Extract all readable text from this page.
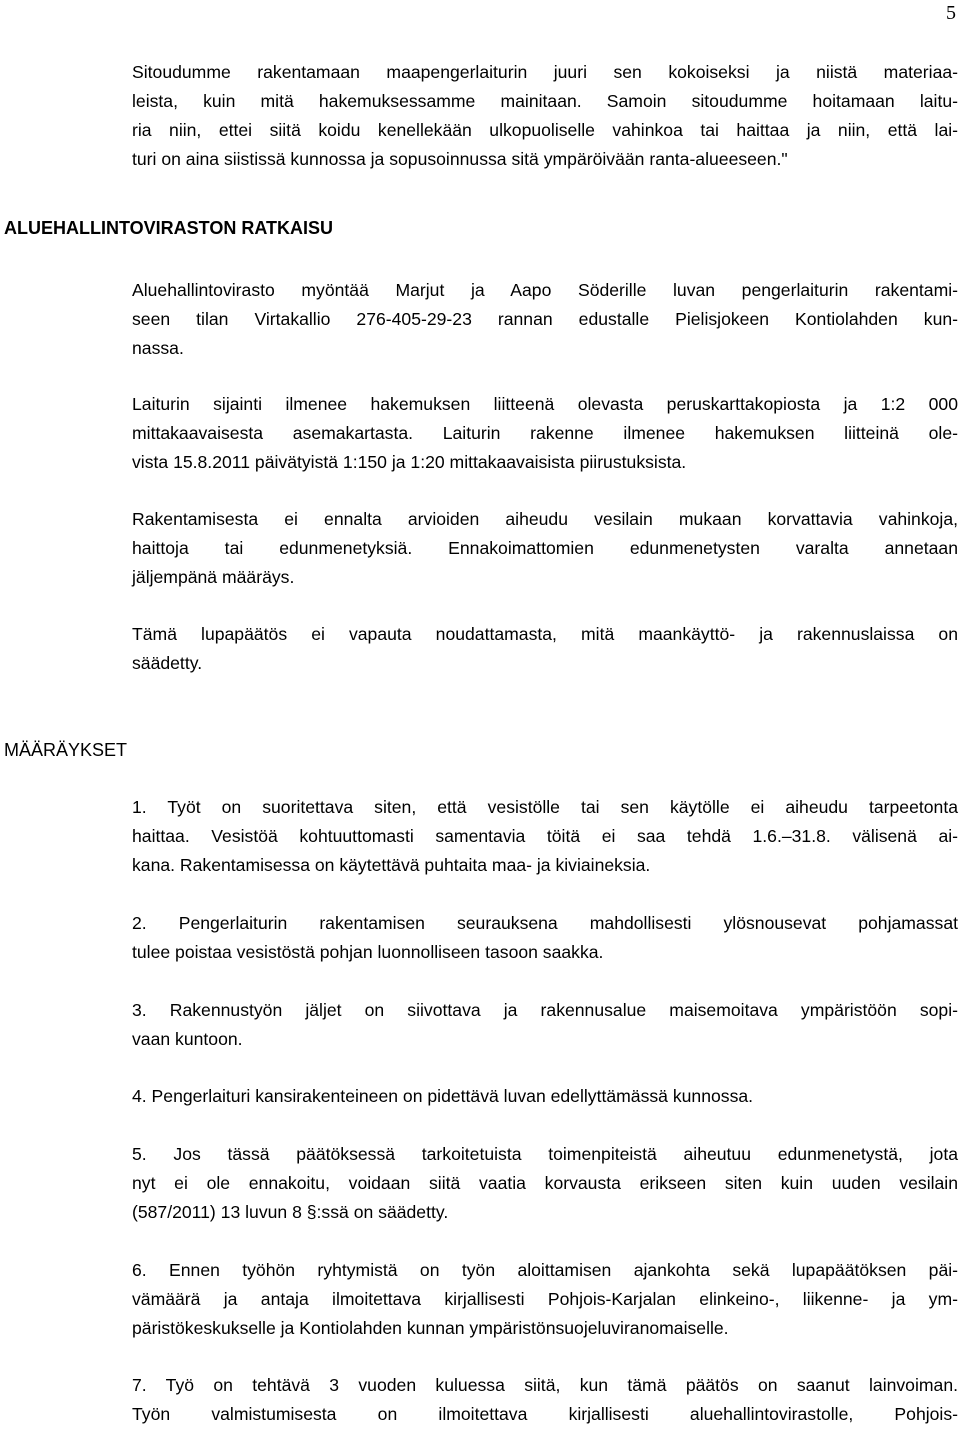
5
Sitoudumme rakentamaan maapengerlaiturin juuri sen kokoiseksi ja niistä materiaa-
leista, kuin mitä hakemuksessamme mainitaan. Samoin sitoudumme hoitamaan laitu-
ria niin, ettei siitä koidu kenellekään ulkopuoliselle vahinkoa tai haittaa ja niin, että lai-
turi on aina siistissä kunnossa ja sopusoinnussa sitä ympäröivään ranta-alueeseen."
ALUEHALLINTOVIRASTON RATKAISU
Aluehallintovirasto myöntää Marjut ja Aapo Söderille luvan pengerlaiturin rakentami-
seen tilan Virtakallio 276-405-29-23 rannan edustalle Pielisjokeen Kontiolahden kun-
nassa.
Laiturin sijainti ilmenee hakemuksen liitteenä olevasta peruskarttakopiosta ja 1:2 000
mittakaavaisesta asemakartasta. Laiturin rakenne ilmenee hakemuksen liitteinä ole-
vista 15.8.2011 päivätyistä 1:150 ja 1:20 mittakaavaisista piirustuksista.
Rakentamisesta ei ennalta arvioiden aiheudu vesilain mukaan korvattavia vahinkoja,
haittoja tai edunmenetyksiä. Ennakoimattomien edunmenetysten varalta annetaan
jäljempänä määräys.
Tämä lupapäätös ei vapauta noudattamasta, mitä maankäyttö- ja rakennuslaissa on
säädetty.
MÄÄRÄYKSET
1. Työt on suoritettava siten, että vesistölle tai sen käytölle ei aiheudu tarpeetonta
haittaa. Vesistöä kohtuuttomasti samentavia töitä ei saa tehdä 1.6.–31.8. välisenä ai-
kana. Rakentamisessa on käytettävä puhtaita maa- ja kiviaineksia.
2. Pengerlaiturin rakentamisen seurauksena mahdollisesti ylösnousevat pohjamassat
tulee poistaa vesistöstä pohjan luonnolliseen tasoon saakka.
3. Rakennustyön jäljet on siivottava ja rakennusalue maisemoitava ympäristöön sopi-
vaan kuntoon.
4. Pengerlaituri kansirakenteineen on pidettävä luvan edellyttämässä kunnossa.
5. Jos tässä päätöksessä tarkoitetuista toimenpiteistä aiheutuu edunmenetystä, jota
nyt ei ole ennakoitu, voidaan siitä vaatia korvausta erikseen siten kuin uuden vesilain
(587/2011) 13 luvun 8 §:ssä on säädetty.
6. Ennen työhön ryhtymistä on työn aloittamisen ajankohta sekä lupapäätöksen päi-
vämäärä ja antaja ilmoitettava kirjallisesti Pohjois-Karjalan elinkeino-, liikenne- ja ym-
päristökeskukselle ja Kontiolahden kunnan ympäristönsuojeluviranomaiselle.
7. Työ on tehtävä 3 vuoden kuluessa siitä, kun tämä päätös on saanut lainvoiman.
Työn valmistumisesta on ilmoitettava kirjallisesti aluehallintovirastolle, Pohjois-
